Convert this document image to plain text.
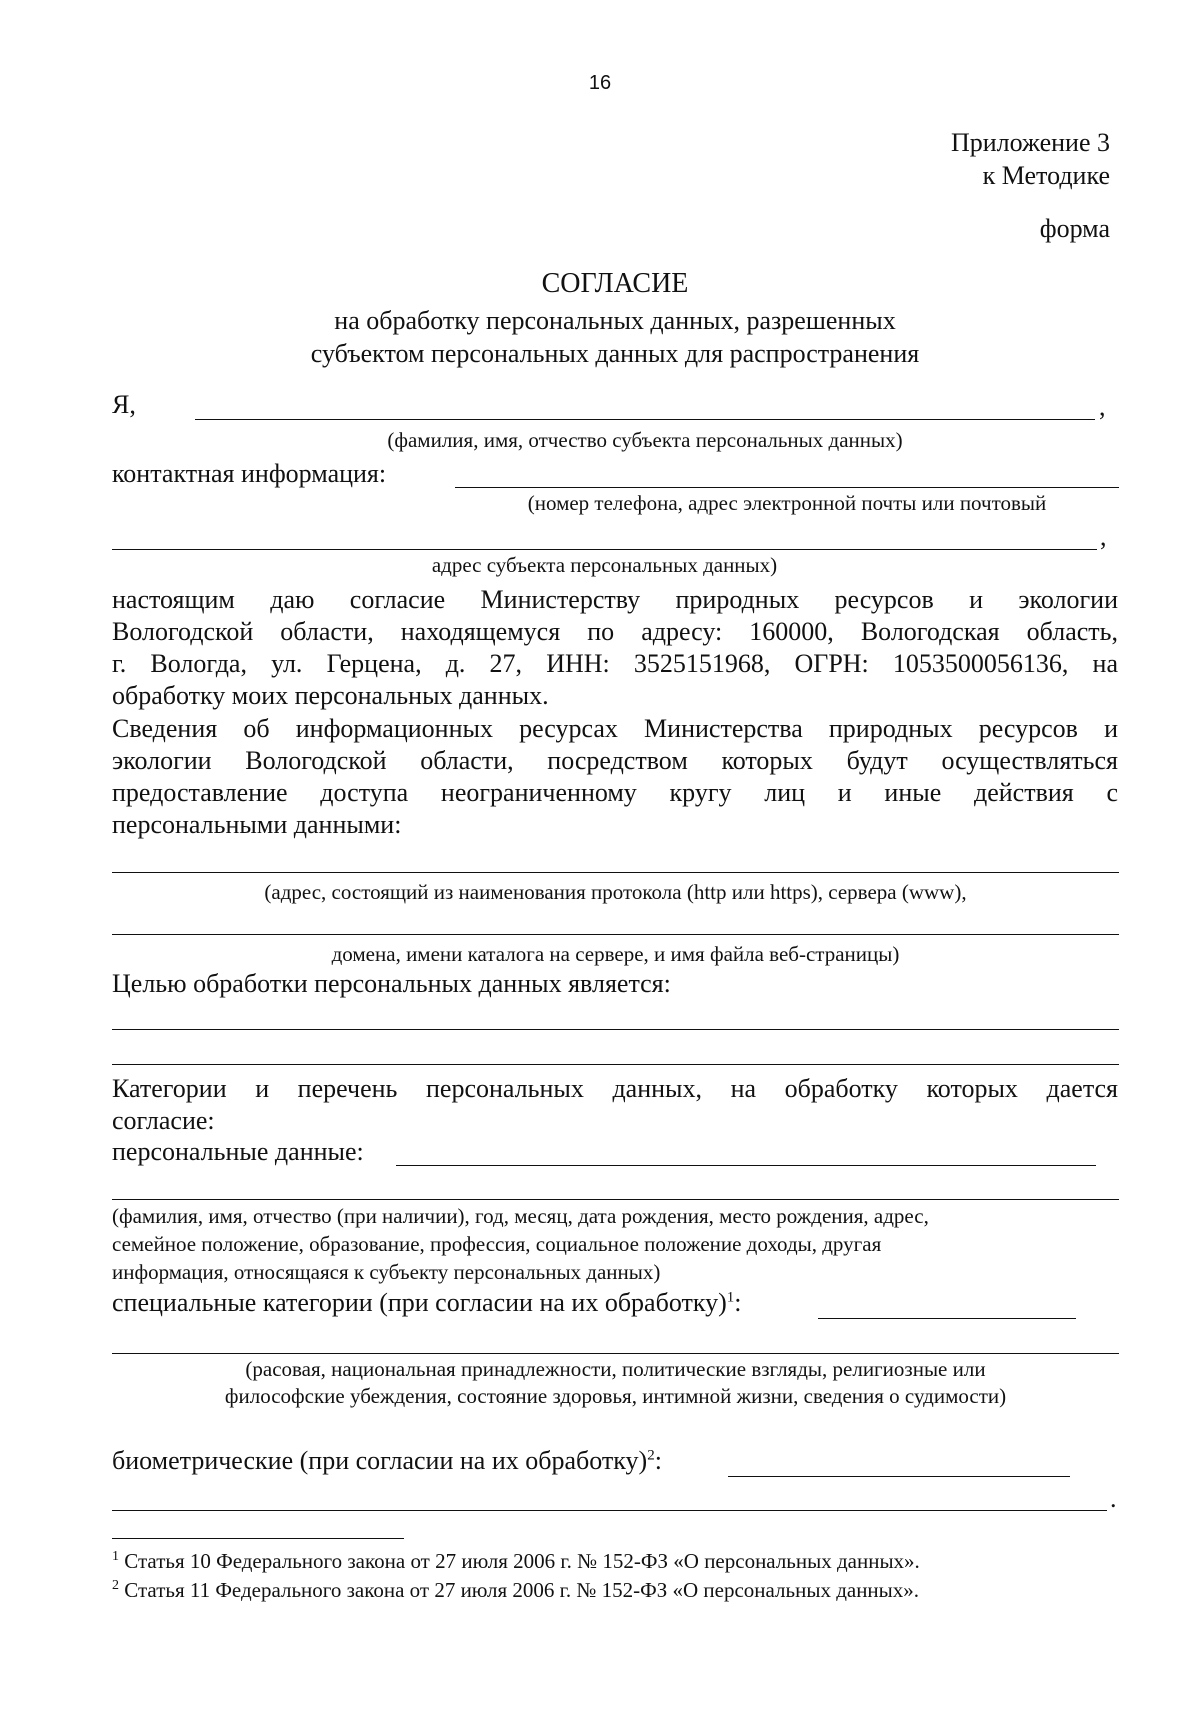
16
Приложение 3
к Методике
форма
СОГЛАСИЕ
на обработку персональных данных, разрешенных
субъектом персональных данных для распространения
Я,	,
(фамилия, имя, отчество субъекта персональных данных)
контактная информация:
(номер телефона, адрес электронной почты или почтовый
,
адрес субъекта персональных данных)
настоящим даю согласие Министерству природных ресурсов и экологии
Вологодской области, находящемуся по адресу: 160000, Вологодская область,
г. Вологда, ул. Герцена, д. 27, ИНН: 3525151968, ОГРН: 1053500056136, на
обработку моих персональных данных.
Сведения об информационных ресурсах Министерства природных ресурсов и
экологии Вологодской области, посредством которых будут осуществляться
предоставление доступа неограниченному кругу лиц и иные действия с
персональными данными:
(адрес, состоящий из наименования протокола (http или https), сервера (www),
домена, имени каталога на сервере, и имя файла веб-страницы)
Целью обработки персональных данных является:
Категории и перечень персональных данных, на обработку которых дается
согласие:
персональные данные:
(фамилия, имя, отчество (при наличии), год, месяц, дата рождения, место рождения, адрес,
семейное положение, образование, профессия, социальное положение доходы, другая
информация, относящаяся к субъекту персональных данных)
специальные категории (при согласии на их обработку)$^1$:
(расовая, национальная принадлежности, политические взгляды, религиозные или
философские убеждения, состояние здоровья, интимной жизни, сведения о судимости)
биометрические (при согласии на их обработку)$^2$:
.
$^1$ Статья 10 Федерального закона от 27 июля 2006 г. № 152-ФЗ «О персональных данных».
$^2$ Статья 11 Федерального закона от 27 июля 2006 г. № 152-ФЗ «О персональных данных».
